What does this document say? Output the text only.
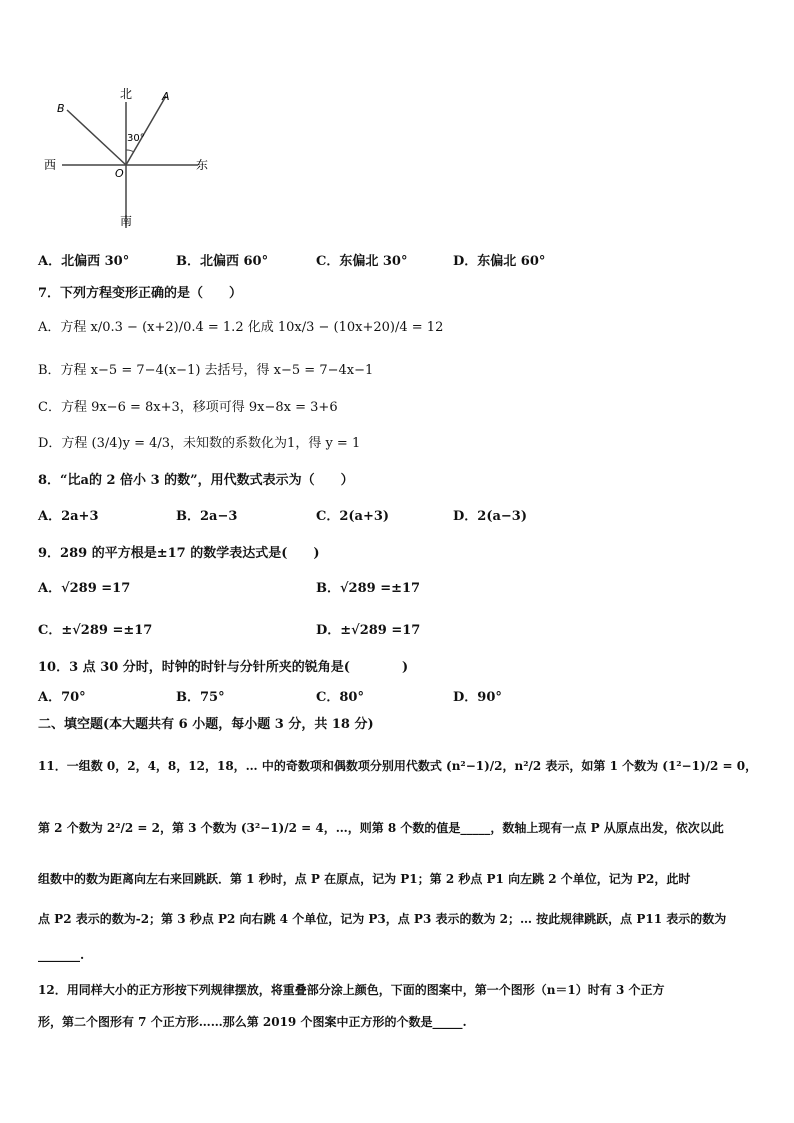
北
南
东
西
O
A
B
30°
A．北偏西 30°	B．北偏西 60°	C．东偏北 30°	D．东偏北 60°
7．下列方程变形正确的是（　　）
A．方程 x/0.3 − (x+2)/0.4 = 1.2 化成 10x/3 − (10x+20)/4 = 12
B．方程 x−5 = 7−4(x−1) 去括号，得 x−5 = 7−4x−1
C．方程 9x−6 = 8x+3，移项可得 9x−8x = 3+6
D．方程 (3/4)y = 4/3，未知数的系数化为1，得 y = 1
8．“比a的 2 倍小 3 的数”，用代数式表示为（　　）
A．2a+3	B．2a−3	C．2(a+3)	D．2(a−3)
9．289 的平方根是±17 的数学表达式是(　　)
A．√289 =17	B．√289 =±17
C．±√289 =±17	D．±√289 =17
10．3 点 30 分时，时钟的时针与分针所夹的锐角是(　　　　)
A．70°	B．75°	C．80°	D．90°
二、填空题(本大题共有 6 小题，每小题 3 分，共 18 分)
11．一组数 0，2，4，8，12，18，… 中的奇数项和偶数项分别用代数式 (n²−1)/2，n²/2 表示，如第 1 个数为 (1²−1)/2 = 0，
第 2 个数为 2²/2 = 2，第 3 个数为 (3²−1)/2 = 4，…，则第 8 个数的值是_____，数轴上现有一点 P 从原点出发，依次以此
组数中的数为距离向左右来回跳跃．第 1 秒时，点 P 在原点，记为 P1；第 2 秒点 P1 向左跳 2 个单位，记为 P2，此时
点 P2 表示的数为-2；第 3 秒点 P2 向右跳 4 个单位，记为 P3，点 P3 表示的数为 2；… 按此规律跳跃，点 P11 表示的数为
_______.
12．用同样大小的正方形按下列规律摆放，将重叠部分涂上颜色，下面的图案中，第一个图形（n＝1）时有 3 个正方
形，第二个图形有 7 个正方形……那么第 2019 个图案中正方形的个数是_____.
